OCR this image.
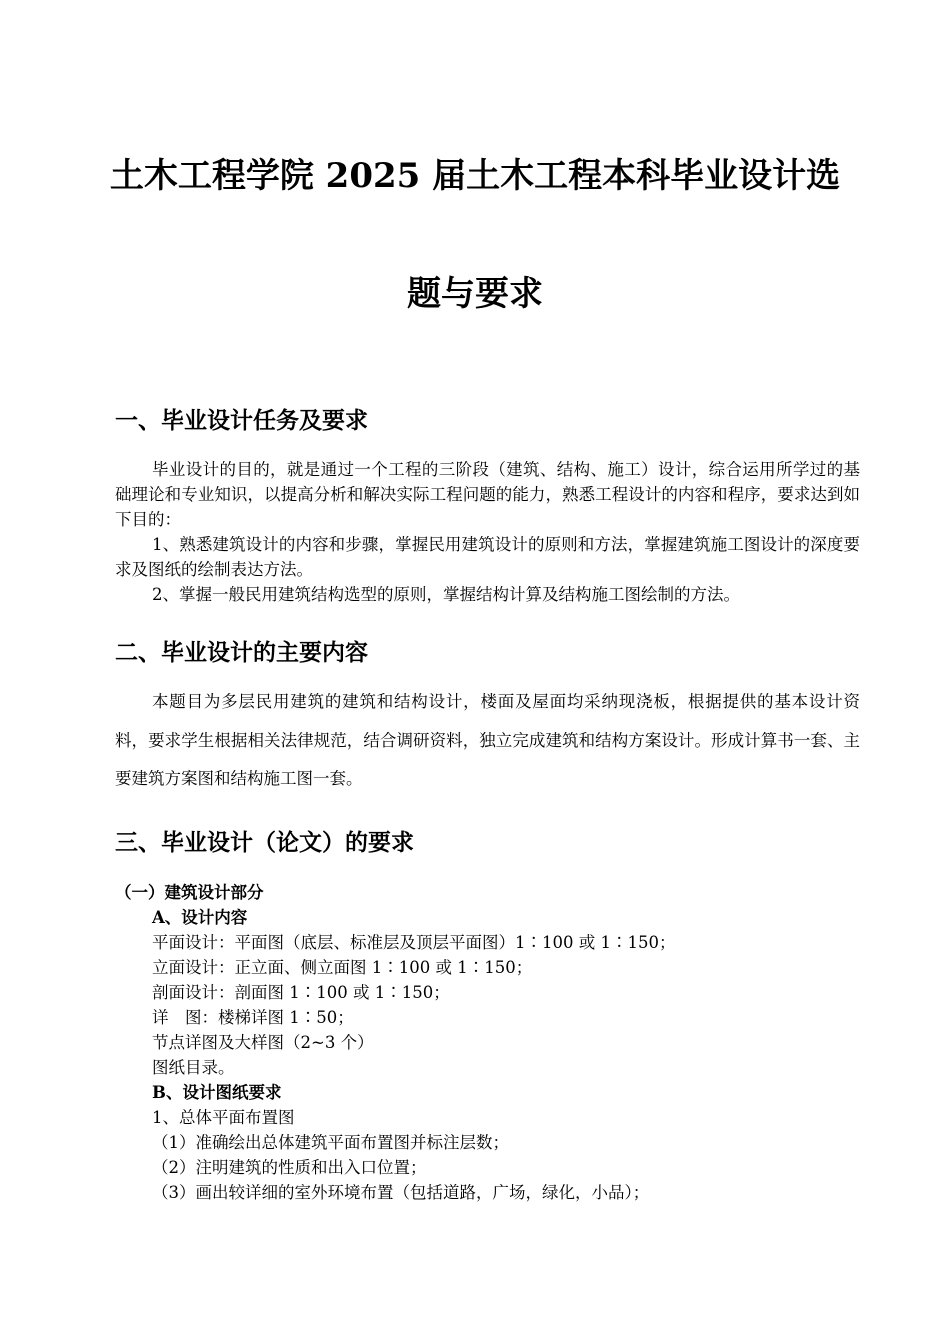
土木工程学院 2025 届土木工程本科毕业设计选
题与要求
一、毕业设计任务及要求

毕业设计的目的，就是通过一个工程的三阶段（建筑、结构、施工）设计，综合运用所学过的基础理论和专业知识，以提高分析和解决实际工程问题的能力，熟悉工程设计的内容和程序，要求达到如下目的：

1、熟悉建筑设计的内容和步骤，掌握民用建筑设计的原则和方法，掌握建筑施工图设计的深度要求及图纸的绘制表达方法。

2、掌握一般民用建筑结构选型的原则，掌握结构计算及结构施工图绘制的方法。

二、毕业设计的主要内容

本题目为多层民用建筑的建筑和结构设计，楼面及屋面均采纳现浇板，根据提供的基本设计资料，要求学生根据相关法律规范，结合调研资料，独立完成建筑和结构方案设计。形成计算书一套、主要建筑方案图和结构施工图一套。

三、毕业设计（论文）的要求

（一）建筑设计部分

A、设计内容

平面设计：平面图（底层、标准层及顶层平面图）1∶100 或 1∶150；

立面设计：正立面、侧立面图 1∶100 或 1∶150；

剖面设计：剖面图 1∶100 或 1∶150；

详　图：楼梯详图 1∶50；

节点详图及大样图（2~3 个）

图纸目录。

B、设计图纸要求

1、总体平面布置图

（1）准确绘出总体建筑平面布置图并标注层数；

（2）注明建筑的性质和出入口位置；

（3）画出较详细的室外环境布置（包括道路，广场，绿化，小品）；
